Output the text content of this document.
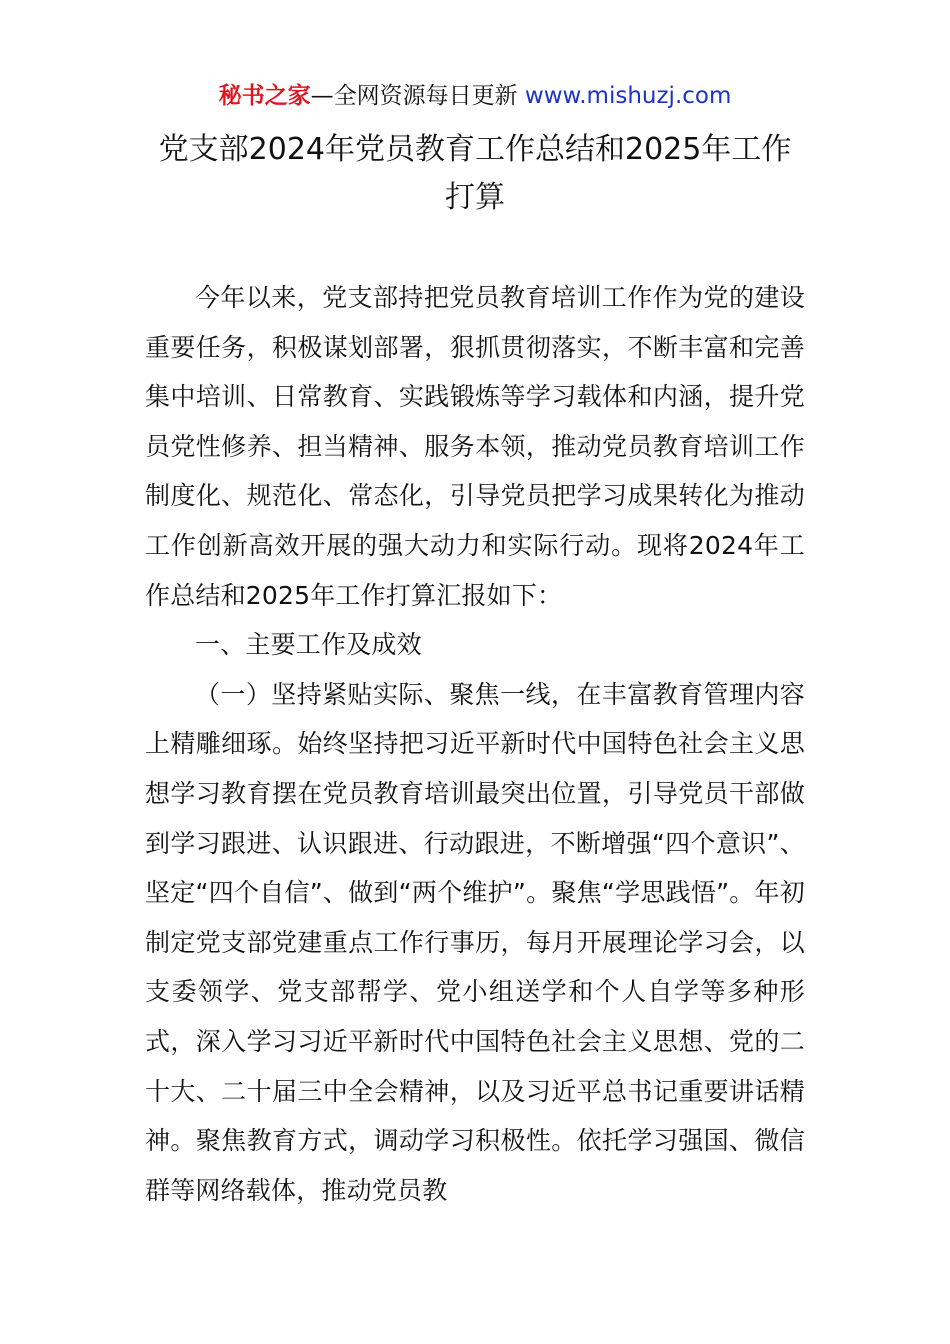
秘书之家—全网资源每日更新 www.mishuzj.com
党支部2024年党员教育工作总结和2025年工作打算

今年以来，党支部持把党员教育培训工作作为党的建设重要任务，积极谋划部署，狠抓贯彻落实，不断丰富和完善集中培训、日常教育、实践锻炼等学习载体和内涵，提升党员党性修养、担当精神、服务本领，推动党员教育培训工作制度化、规范化、常态化，引导党员把学习成果转化为推动工作创新高效开展的强大动力和实际行动。现将2024年工作总结和2025年工作打算汇报如下：

一、主要工作及成效

（一）坚持紧贴实际、聚焦一线，在丰富教育管理内容上精雕细琢。始终坚持把习近平新时代中国特色社会主义思想学习教育摆在党员教育培训最突出位置，引导党员干部做到学习跟进、认识跟进、行动跟进，不断增强“四个意识”、坚定“四个自信”、做到“两个维护”。聚焦“学思践悟”。年初制定党支部党建重点工作行事历，每月开展理论学习会，以支委领学、党支部帮学、党小组送学和个人自学等多种形式，深入学习习近平新时代中国特色社会主义思想、党的二十大、二十届三中全会精神，以及习近平总书记重要讲话精神。聚焦教育方式，调动学习积极性。依托学习强国、微信群等网络载体，推动党员教
